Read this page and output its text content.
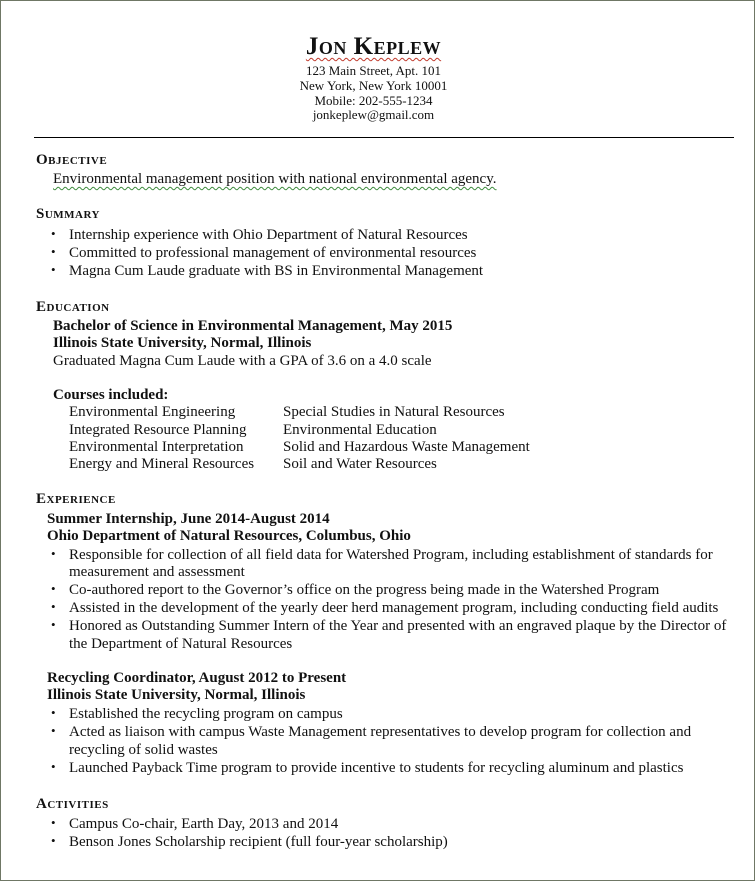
Jon Keplew
123 Main Street, Apt. 101
New York, New York 10001
Mobile: 202-555-1234
jonkeplew@gmail.com
Objective
Environmental management position with national environmental agency.
Summary
• Internship experience with Ohio Department of Natural Resources
• Committed to professional management of environmental resources
• Magna Cum Laude graduate with BS in Environmental Management
Education
Bachelor of Science in Environmental Management, May 2015
Illinois State University, Normal, Illinois
Graduated Magna Cum Laude with a GPA of 3.6 on a 4.0 scale
Courses included:
Environmental Engineering
Integrated Resource Planning
Environmental Interpretation
Energy and Mineral Resources
Special Studies in Natural Resources
Environmental Education
Solid and Hazardous Waste Management
Soil and Water Resources
Experience
Summer Internship, June 2014-August 2014
Ohio Department of Natural Resources, Columbus, Ohio
• Responsible for collection of all field data for Watershed Program, including establishment of standards for
measurement and assessment
• Co-authored report to the Governor’s office on the progress being made in the Watershed Program
• Assisted in the development of the yearly deer herd management program, including conducting field audits
• Honored as Outstanding Summer Intern of the Year and presented with an engraved plaque by the Director of
the Department of Natural Resources
Recycling Coordinator, August 2012 to Present
Illinois State University, Normal, Illinois
• Established the recycling program on campus
• Acted as liaison with campus Waste Management representatives to develop program for collection and
recycling of solid wastes
• Launched Payback Time program to provide incentive to students for recycling aluminum and plastics
Activities
• Campus Co-chair, Earth Day, 2013 and 2014
• Benson Jones Scholarship recipient (full four-year scholarship)
